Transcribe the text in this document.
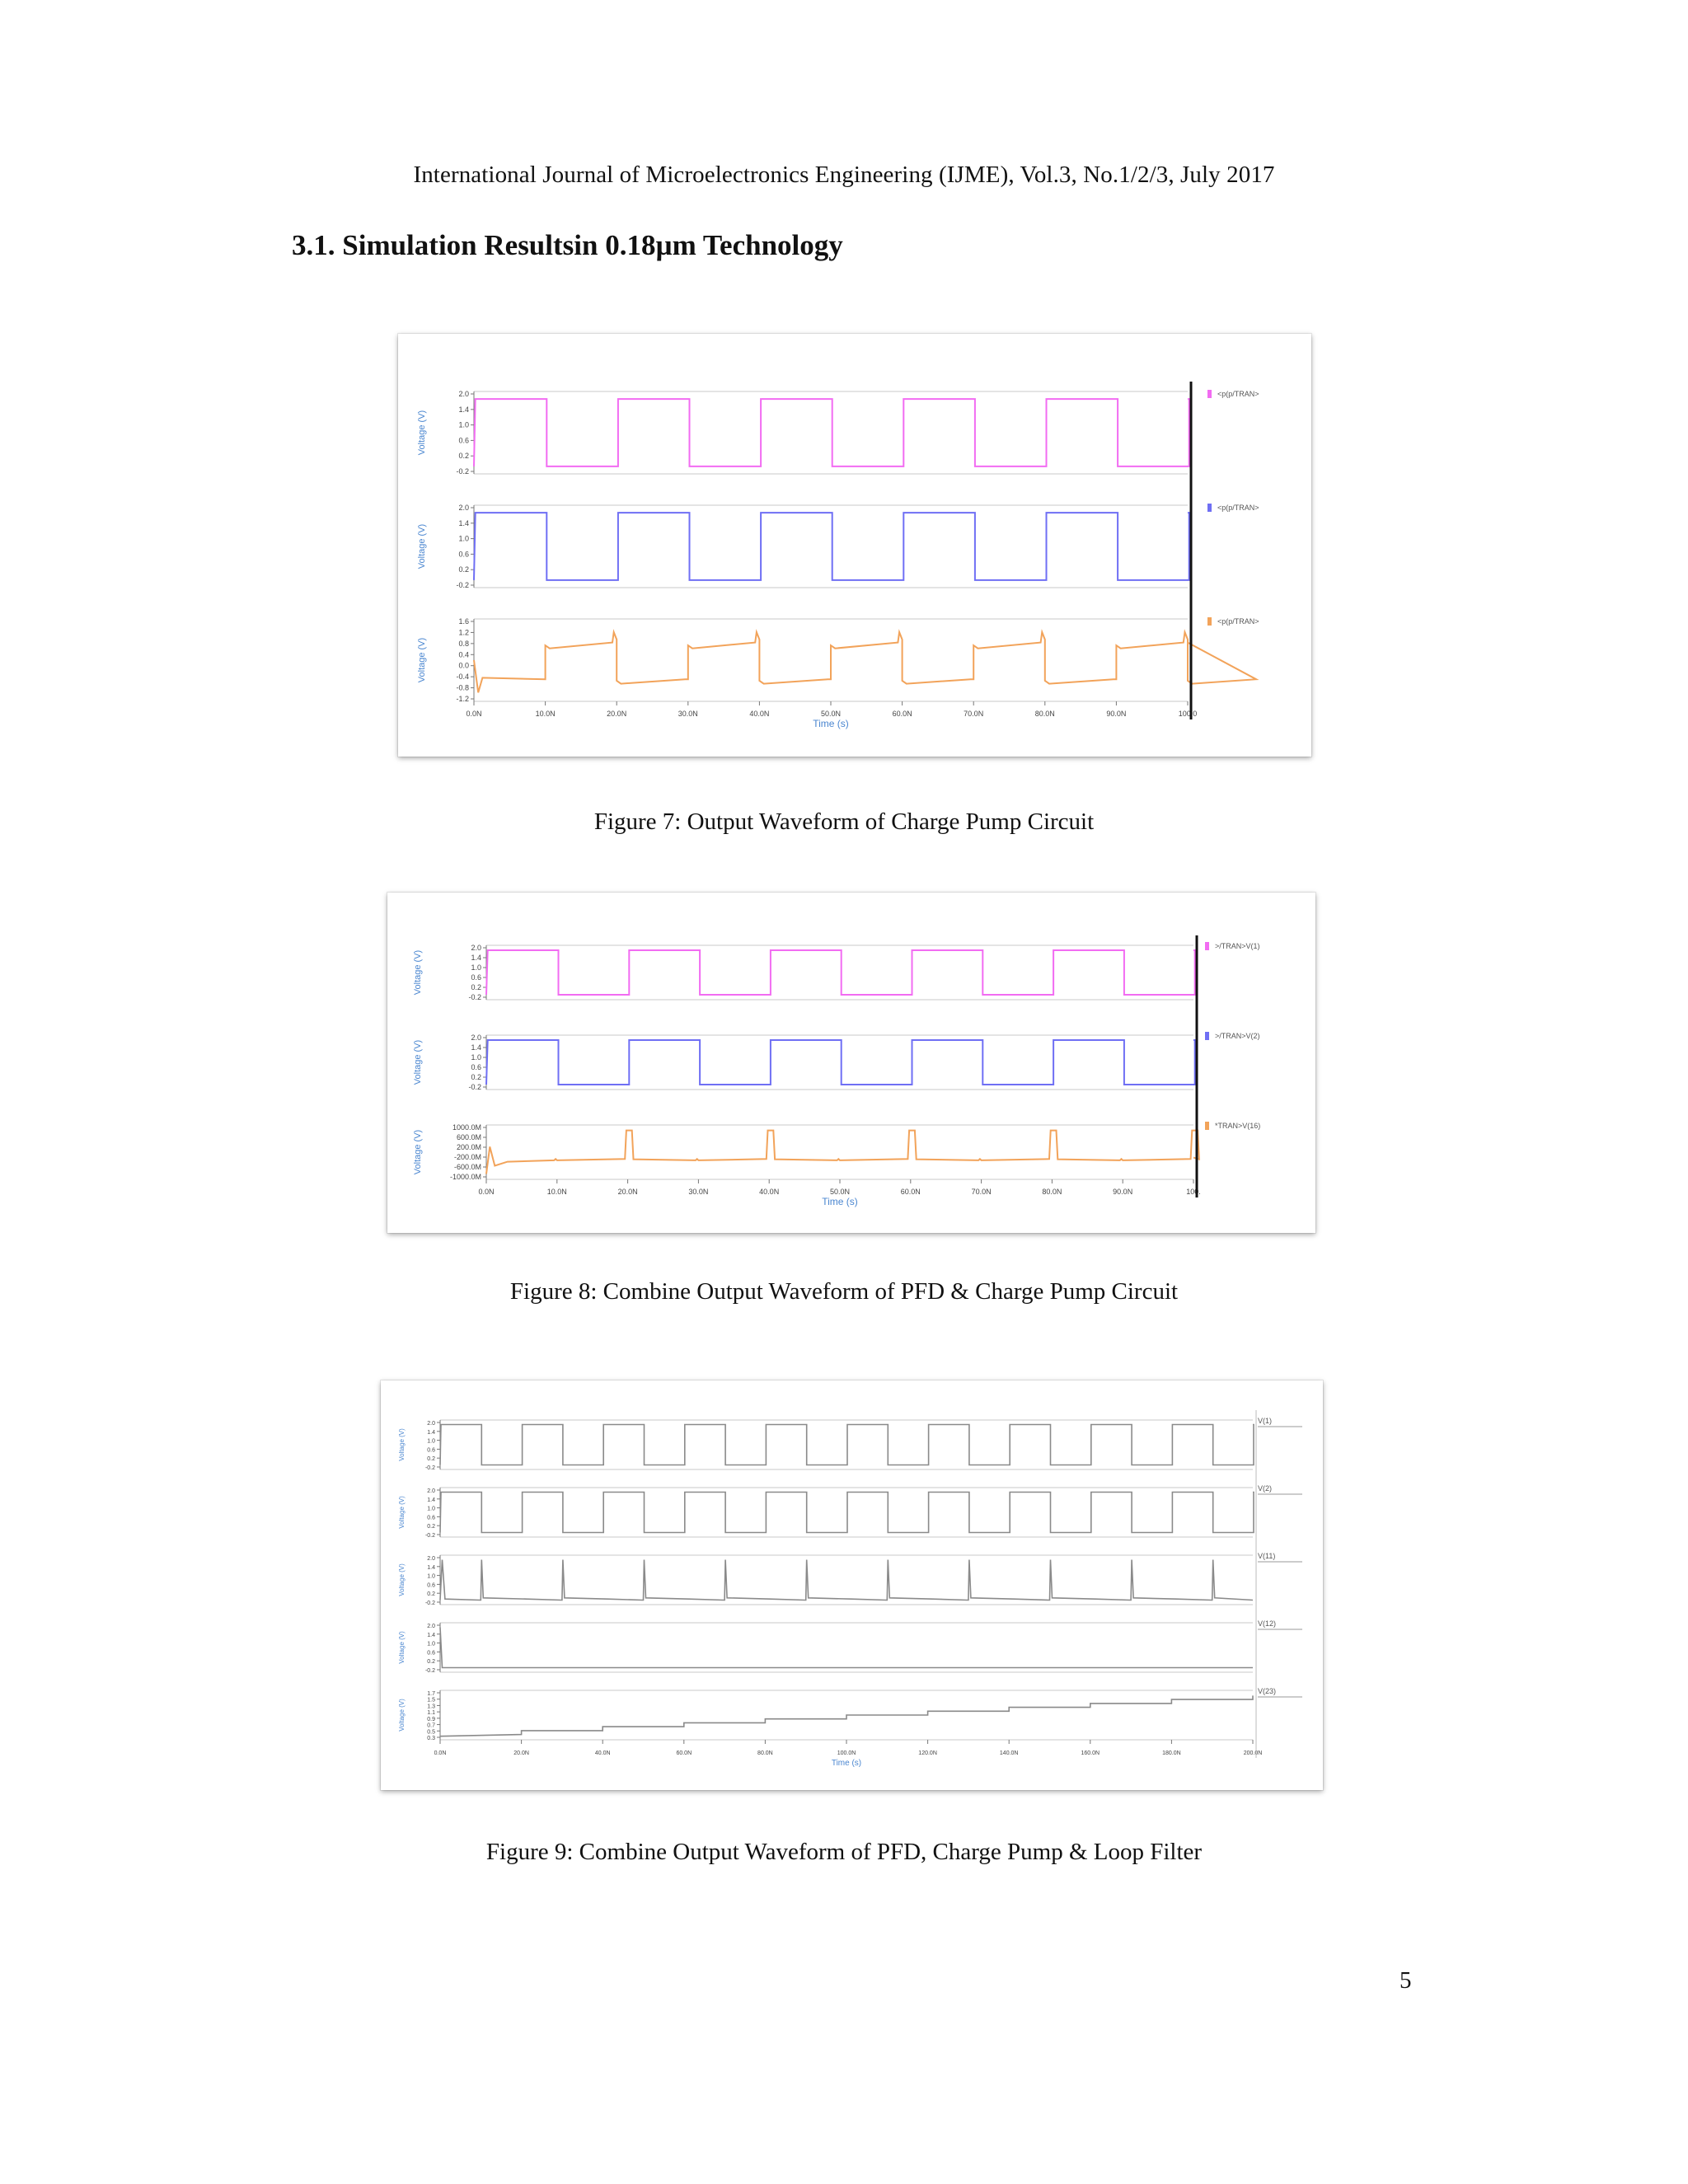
International Journal of Microelectronics Engineering (IJME), Vol.3, No.1/2/3, July 2017
3.1. Simulation Resultsin 0.18µm Technology
2.0
1.4
1.0
0.6
0.2
-0.2
Voltage (V)
<p(p/TRAN>
2.0
1.4
1.0
0.6
0.2
-0.2
Voltage (V)
<p(p/TRAN>
1.6
1.2
0.8
0.4
0.0
-0.4
-0.8
-1.2
Voltage (V)
<p(p/TRAN>
0.0N	10.0N	20.0N	30.0N	40.0N	50.0N	60.0N	70.0N	80.0N	90.0N	100.0
Time (s)
Figure 7: Output Waveform of Charge Pump Circuit
2.0
1.4
1.0
0.6
0.2
-0.2
Voltage (V)
>/TRAN>V(1)
2.0
1.4
1.0
0.6
0.2
-0.2
Voltage (V)
>/TRAN>V(2)
1000.0M
600.0M
200.0M
-200.0M
-600.0M
-1000.0M
Voltage (V)
*TRAN>V(16)
0.0N	10.0N	20.0N	30.0N	40.0N	50.0N	60.0N	70.0N	80.0N	90.0N	100.
Time (s)
Figure 8: Combine Output Waveform of PFD & Charge Pump Circuit
2.0
1.4
1.0
0.6
0.2
-0.2
Voltage (V)
V(1)
2.0
1.4
1.0
0.6
0.2
-0.2
Voltage (V)
V(2)
2.0
1.4
1.0
0.6
0.2
-0.2
Voltage (V)
V(11)
2.0
1.4
1.0
0.6
0.2
-0.2
Voltage (V)
V(12)
1.7
1.5
1.3
1.1
0.9
0.7
0.5
0.3
Voltage (V)
V(23)
0.0N	20.0N	40.0N	60.0N	80.0N	100.0N	120.0N	140.0N	160.0N	180.0N	200.0N
Time (s)
Figure 9: Combine Output Waveform of PFD, Charge Pump & Loop Filter
5
